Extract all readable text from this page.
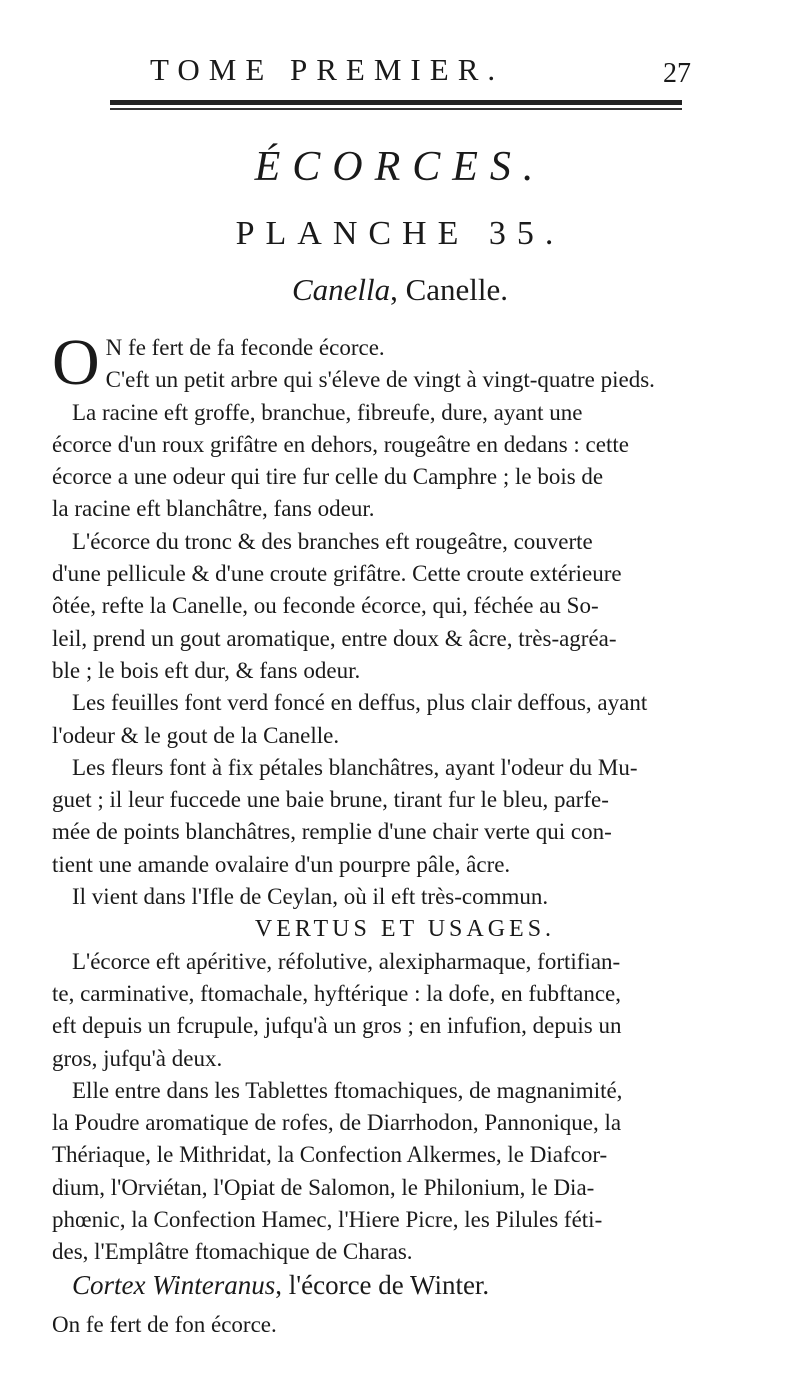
TOME PREMIER.	27
ÉCORCES.
PLANCHE 35.
Canella, Canelle.
O N fe fert de fa feconde écorce.
C'eft un petit arbre qui s'éleve de vingt à vingt-quatre pieds.
La racine eft groffe, branchue, fibreufe, dure, ayant une
écorce d'un roux grifâtre en dehors, rougeâtre en dedans : cette
écorce a une odeur qui tire fur celle du Camphre ; le bois de
la racine eft blanchâtre, fans odeur.
L'écorce du tronc & des branches eft rougeâtre, couverte
d'une pellicule & d'une croute grifâtre. Cette croute extérieure
ôtée, refte la Canelle, ou feconde écorce, qui, féchée au So-
leil, prend un gout aromatique, entre doux & âcre, très-agréa-
ble ; le bois eft dur, & fans odeur.
Les feuilles font verd foncé en deffus, plus clair deffous, ayant
l'odeur & le gout de la Canelle.
Les fleurs font à fix pétales blanchâtres, ayant l'odeur du Mu-
guet ; il leur fuccede une baie brune, tirant fur le bleu, parfe-
mée de points blanchâtres, remplie d'une chair verte qui con-
tient une amande ovalaire d'un pourpre pâle, âcre.
Il vient dans l'Ifle de Ceylan, où il eft très-commun.
VERTUS ET USAGES.
L'écorce eft apéritive, réfolutive, alexipharmaque, fortifian-
te, carminative, ftomachale, hyftérique : la dofe, en fubftance,
eft depuis un fcrupule, jufqu'à un gros ; en infufion, depuis un
gros, jufqu'à deux.
Elle entre dans les Tablettes ftomachiques, de magnanimité,
la Poudre aromatique de rofes, de Diarrhodon, Pannonique, la
Thériaque, le Mithridat, la Confection Alkermes, le Diafcor-
dium, l'Orviétan, l'Opiat de Salomon, le Philonium, le Dia-
phœnic, la Confection Hamec, l'Hiere Picre, les Pilules féti-
des, l'Emplâtre ftomachique de Charas.
Cortex Winteranus, l'écorce de Winter.
On fe fert de fon écorce.
